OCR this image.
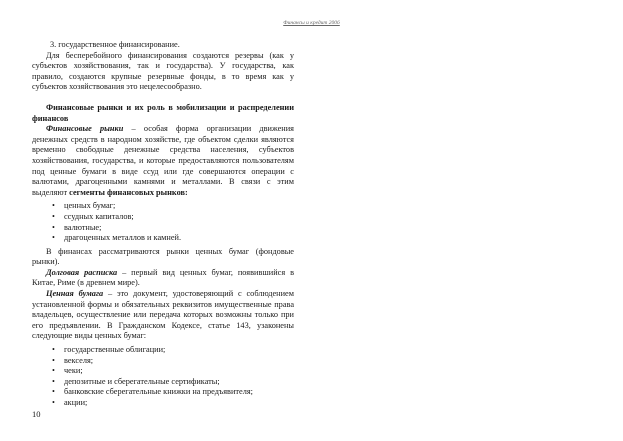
Финансы и кредит 2006

3. государственное финансирование.

Для бесперебойного финансирования создаются резервы (как у субъектов хозяйствования, так и государства). У государства, как правило, создаются крупные резервные фонды, в то время как у субъектов хозяйствования это нецелесообразно.

Финансовые рынки и их роль в мобилизации и распределении финансов

Финансовые рынки – особая форма организации движения денежных средств в народном хозяйстве, где объектом сделки являются временно свободные денежные средства населения, субъектов хозяйствования, государства, и которые предоставляются пользователям под ценные бумаги в виде ссуд или где совершаются операции с валютами, драгоценными камнями и металлами. В связи с этим выделяют сегменты финансовых рынков:

• ценных бумаг;
• ссудных капиталов;
• валютные;
• драгоценных металлов и камней.

В финансах рассматриваются рынки ценных бумаг (фондовые рынки).

Долговая расписка – первый вид ценных бумаг, появившийся в Китае, Риме (в древнем мире).

Ценная бумага – это документ, удостоверяющий с соблюдением установленной формы и обязательных реквизитов имущественные права владельцев, осуществление или передача которых возможны только при его предъявлении. В Гражданском Кодексе, статье 143, узаконены следующие виды ценных бумаг:

• государственные облигации;
• векселя;
• чеки;
• депозитные и сберегательные сертификаты;
• банковские сберегательные книжки на предъявителя;
• акции;
10
